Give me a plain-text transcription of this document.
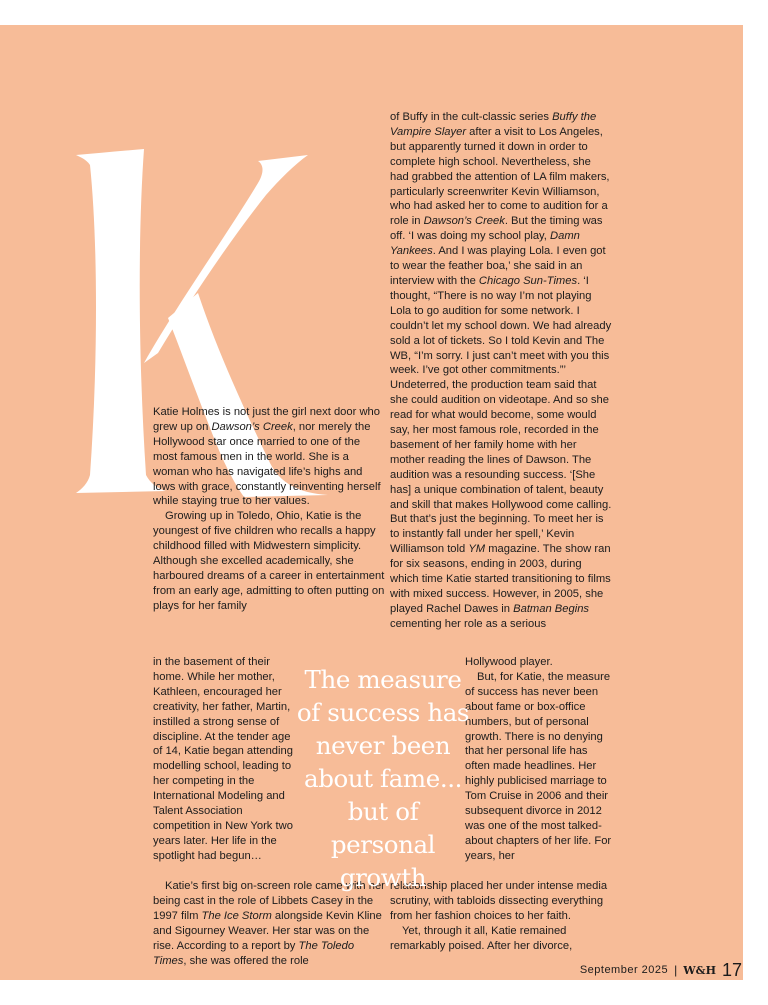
Katie Holmes is not just the girl next door who grew up on Dawson’s Creek, nor merely the Hollywood star once married to one of the most famous men in the world. She is a woman who has navigated life’s highs and lows with grace, constantly reinventing herself while staying true to her values.

Growing up in Toledo, Ohio, Katie is the youngest of five children who recalls a happy childhood filled with Midwestern simplicity. Although she excelled academically, she harboured dreams of a career in entertainment from an early age, admitting to often putting on plays for her family

in the basement of their home. While her mother, Kathleen, encouraged her creativity, her father, Martin, instilled a strong sense of discipline. At the tender age of 14, Katie began attending modelling school, leading to her competing in the International Modeling and Talent Association competition in New York two years later. Her life in the spotlight had begun…

Katie’s first big on-screen role came with her being cast in the role of Libbets Casey in the 1997 film The Ice Storm alongside Kevin Kline and Sigourney Weaver. Her star was on the rise. According to a report by The Toledo Times, she was offered the role

of Buffy in the cult-classic series Buffy the Vampire Slayer after a visit to Los Angeles, but apparently turned it down in order to complete high school. Nevertheless, she had grabbed the attention of LA film makers, particularly screenwriter Kevin Williamson, who had asked her to come to audition for a role in Dawson’s Creek. But the timing was off. ‘I was doing my school play, Damn Yankees. And I was playing Lola. I even got to wear the feather boa,’ she said in an interview with the Chicago Sun-Times. ‘I thought, “There is no way I’m not playing Lola to go audition for some network. I couldn’t let my school down. We had already sold a lot of tickets. So I told Kevin and The WB, “I’m sorry. I just can’t meet with you this week. I’ve got other commitments.”’ Undeterred, the production team said that she could audition on videotape. And so she read for what would become, some would say, her most famous role, recorded in the basement of her family home with her mother reading the lines of Dawson. The audition was a resounding success. ‘[She has] a unique combination of talent, beauty and skill that makes Hollywood come calling. But that’s just the beginning. To meet her is to instantly fall under her spell,’ Kevin Williamson told YM magazine. The show ran for six seasons, ending in 2003, during which time Katie started transitioning to films with mixed success. However, in 2005, she played Rachel Dawes in Batman Begins cementing her role as a serious

Hollywood player.

But, for Katie, the measure of success has never been about fame or box-office numbers, but of personal growth. There is no denying that her personal life has often made headlines. Her highly publicised marriage to Tom Cruise in 2006 and their subsequent divorce in 2012 was one of the most talked-about chapters of her life. For years, her

relationship placed her under intense media scrutiny, with tabloids dissecting everything from her fashion choices to her faith.

Yet, through it all, Katie remained remarkably poised. After her divorce,

The measure of success has never been about fame... but of personal growth
September 2025 | W&H 17
